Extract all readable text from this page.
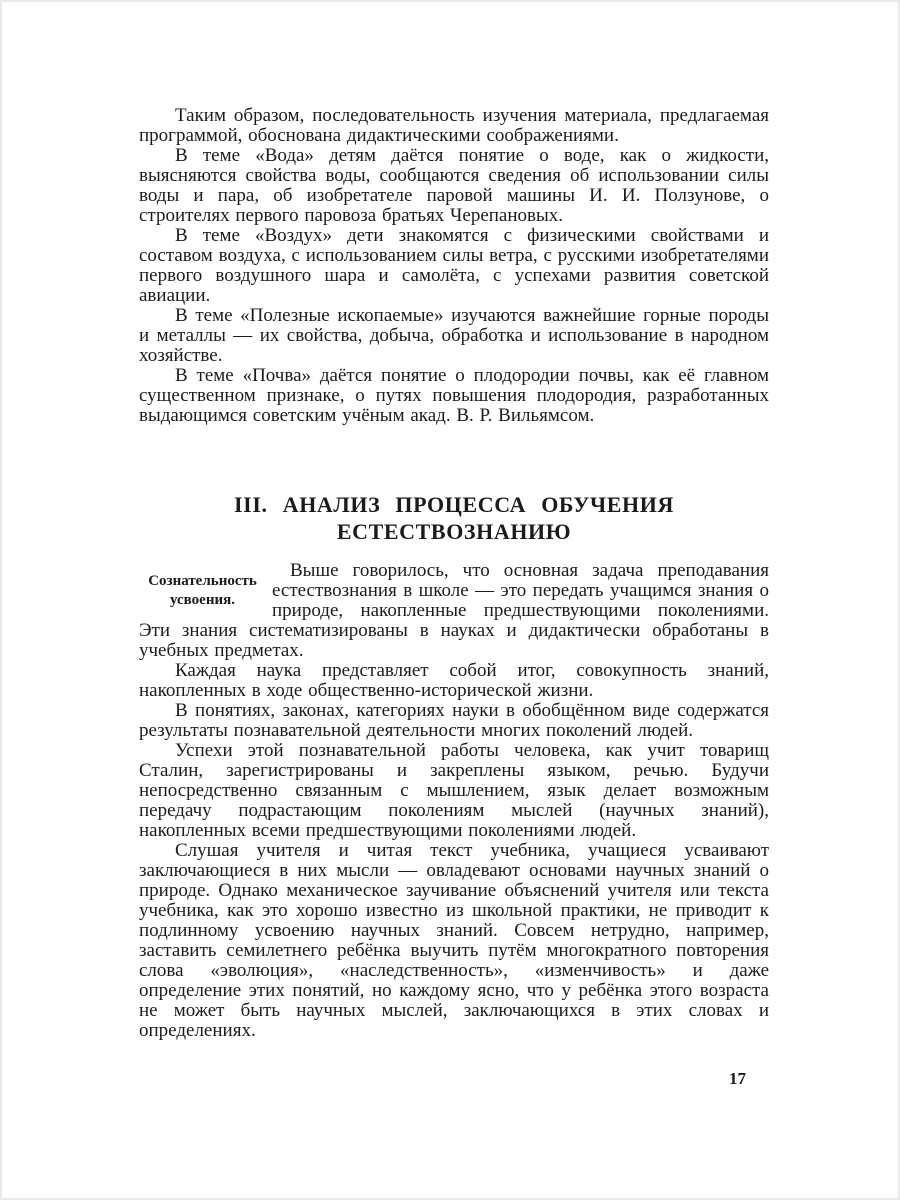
Таким образом, последовательность изучения материала, предлагаемая программой, обоснована дидактическими соображениями.

В теме «Вода» детям даётся понятие о воде, как о жидкости, выясняются свойства воды, сообщаются сведения об использовании силы воды и пара, об изобретателе паровой машины И. И. Ползунове, о строителях первого паровоза братьях Черепановых.

В теме «Воздух» дети знакомятся с физическими свойствами и составом воздуха, с использованием силы ветра, с русскими изобретателями первого воздушного шара и самолёта, с успехами развития советской авиации.

В теме «Полезные ископаемые» изучаются важнейшие горные породы и металлы — их свойства, добыча, обработка и использование в народном хозяйстве.

В теме «Почва» даётся понятие о плодородии почвы, как её главном существенном признаке, о путях повышения плодородия, разработанных выдающимся советским учёным акад. В. Р. Вильямсом.

III. АНАЛИЗ ПРОЦЕССА ОБУЧЕНИЯ
ЕСТЕСТВОЗНАНИЮ
Сознательность усвоения.

Выше говорилось, что основная задача преподавания естествознания в школе — это передать учащимся знания о природе, накопленные предшествующими поколениями. Эти знания систематизированы в науках и дидактически обработаны в учебных предметах.

Каждая наука представляет собой итог, совокупность знаний, накопленных в ходе общественно-исторической жизни.

В понятиях, законах, категориях науки в обобщённом виде содержатся результаты познавательной деятельности многих поколений людей.

Успехи этой познавательной работы человека, как учит товарищ Сталин, зарегистрированы и закреплены языком, речью. Будучи непосредственно связанным с мышлением, язык делает возможным передачу подрастающим поколениям мыслей (научных знаний), накопленных всеми предшествующими поколениями людей.

Слушая учителя и читая текст учебника, учащиеся усваивают заключающиеся в них мысли — овладевают основами научных знаний о природе. Однако механическое заучивание объяснений учителя или текста учебника, как это хорошо известно из школьной практики, не приводит к подлинному усвоению научных знаний. Совсем нетрудно, например, заставить семилетнего ребёнка выучить путём многократного повторения слова «эволюция», «наследственность», «изменчивость» и даже определение этих понятий, но каждому ясно, что у ребёнка этого возраста не может быть научных мыслей, заключающихся в этих словах и определениях.

17
